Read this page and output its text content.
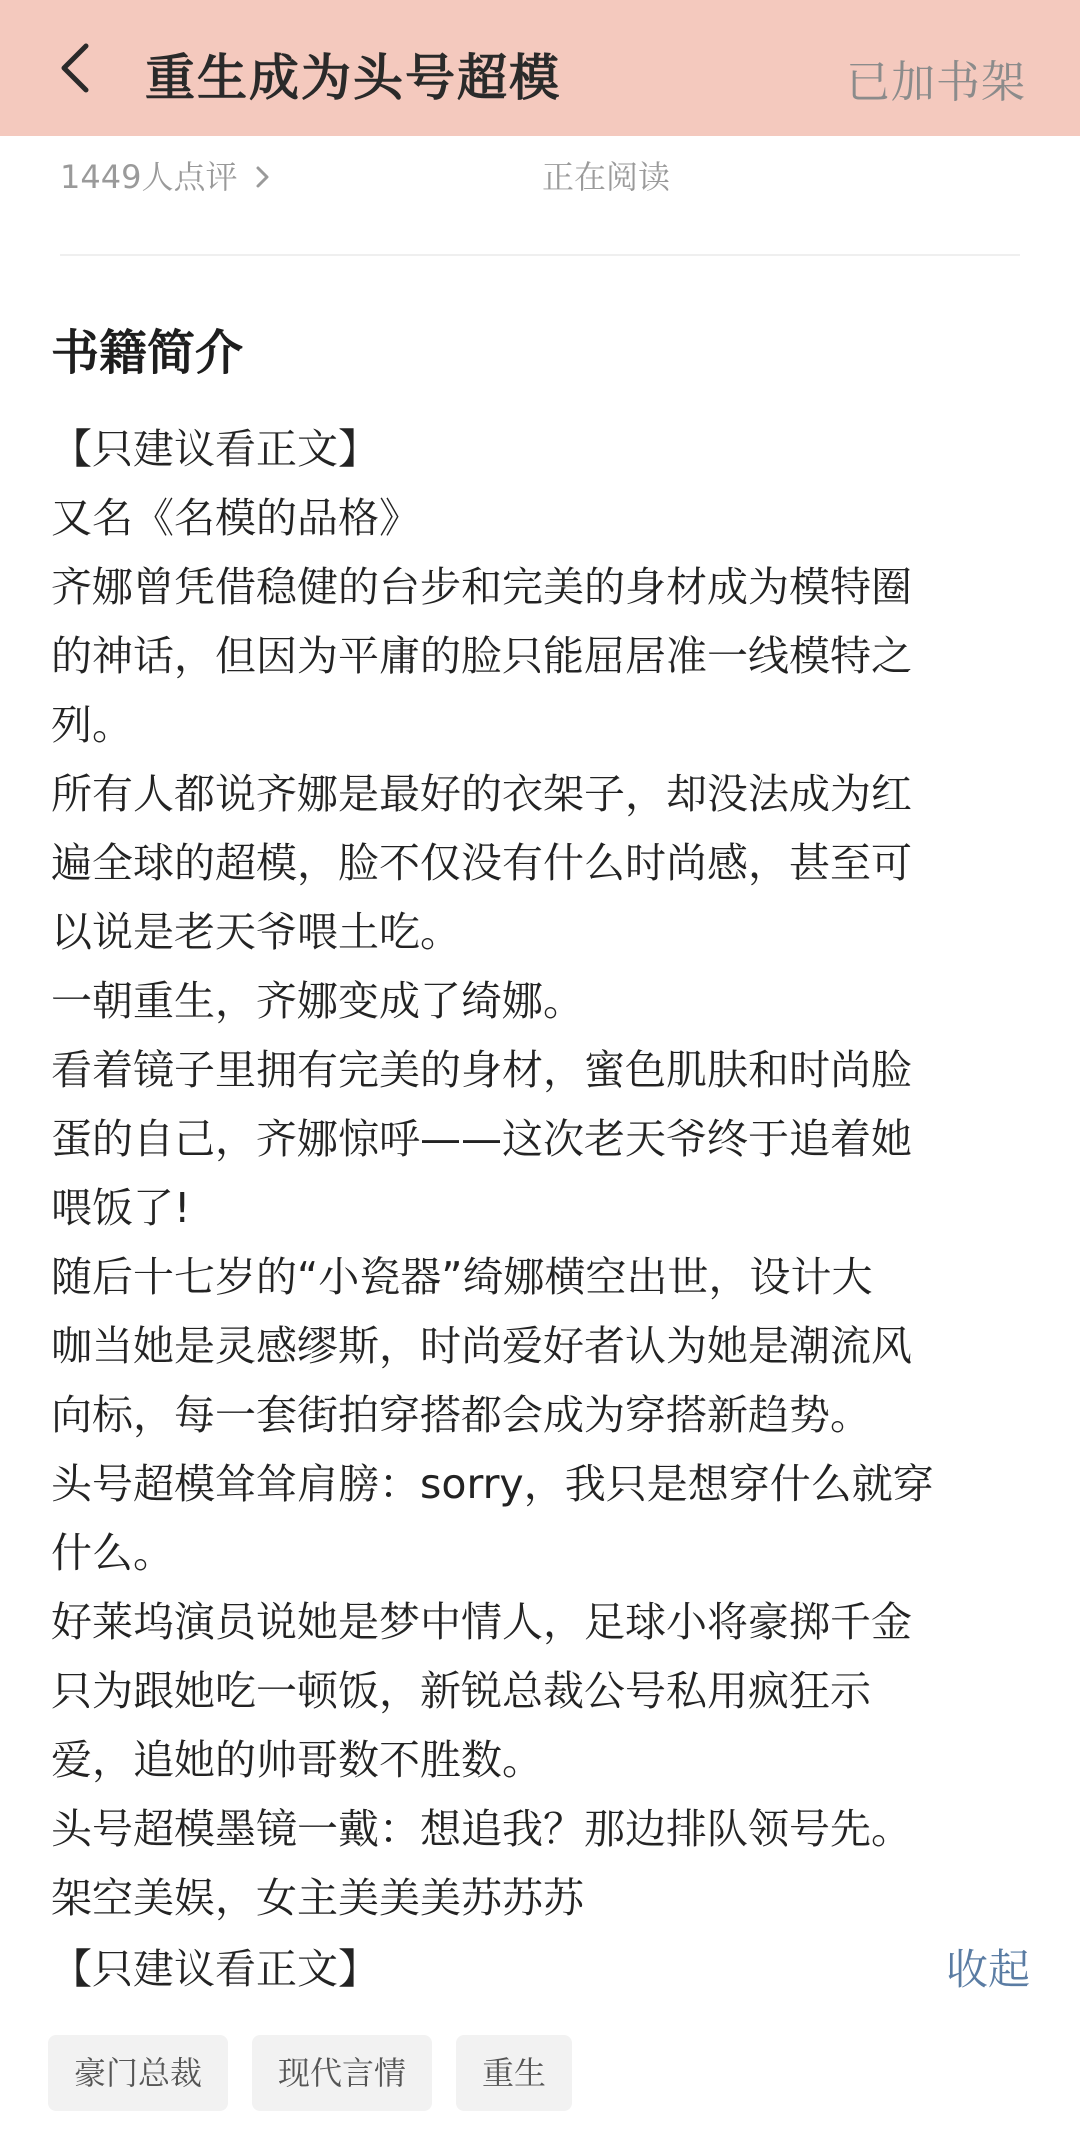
重生成为头号超模	已加书架
1449人点评	正在阅读
书籍简介

【只建议看正文】

又名《名模的品格》

齐娜曾凭借稳健的台步和完美的身材成为模特圈

的神话，但因为平庸的脸只能屈居准一线模特之

列。

所有人都说齐娜是最好的衣架子，却没法成为红

遍全球的超模，脸不仅没有什么时尚感，甚至可

以说是老天爷喂土吃。

一朝重生，齐娜变成了绮娜。

看着镜子里拥有完美的身材，蜜色肌肤和时尚脸

蛋的自己，齐娜惊呼——这次老天爷终于追着她

喂饭了!

随后十七岁的“小瓷器”绮娜横空出世，设计大

咖当她是灵感缪斯，时尚爱好者认为她是潮流风

向标，每一套街拍穿搭都会成为穿搭新趋势。

头号超模耸耸肩膀：sorry，我只是想穿什么就穿

什么。

好莱坞演员说她是梦中情人，足球小将豪掷千金

只为跟她吃一顿饭，新锐总裁公号私用疯狂示

爱，追她的帅哥数不胜数。

头号超模墨镜一戴：想追我？那边排队领号先。

架空美娱，女主美美美苏苏苏

【只建议看正文】	收起
豪门总裁	现代言情	重生
